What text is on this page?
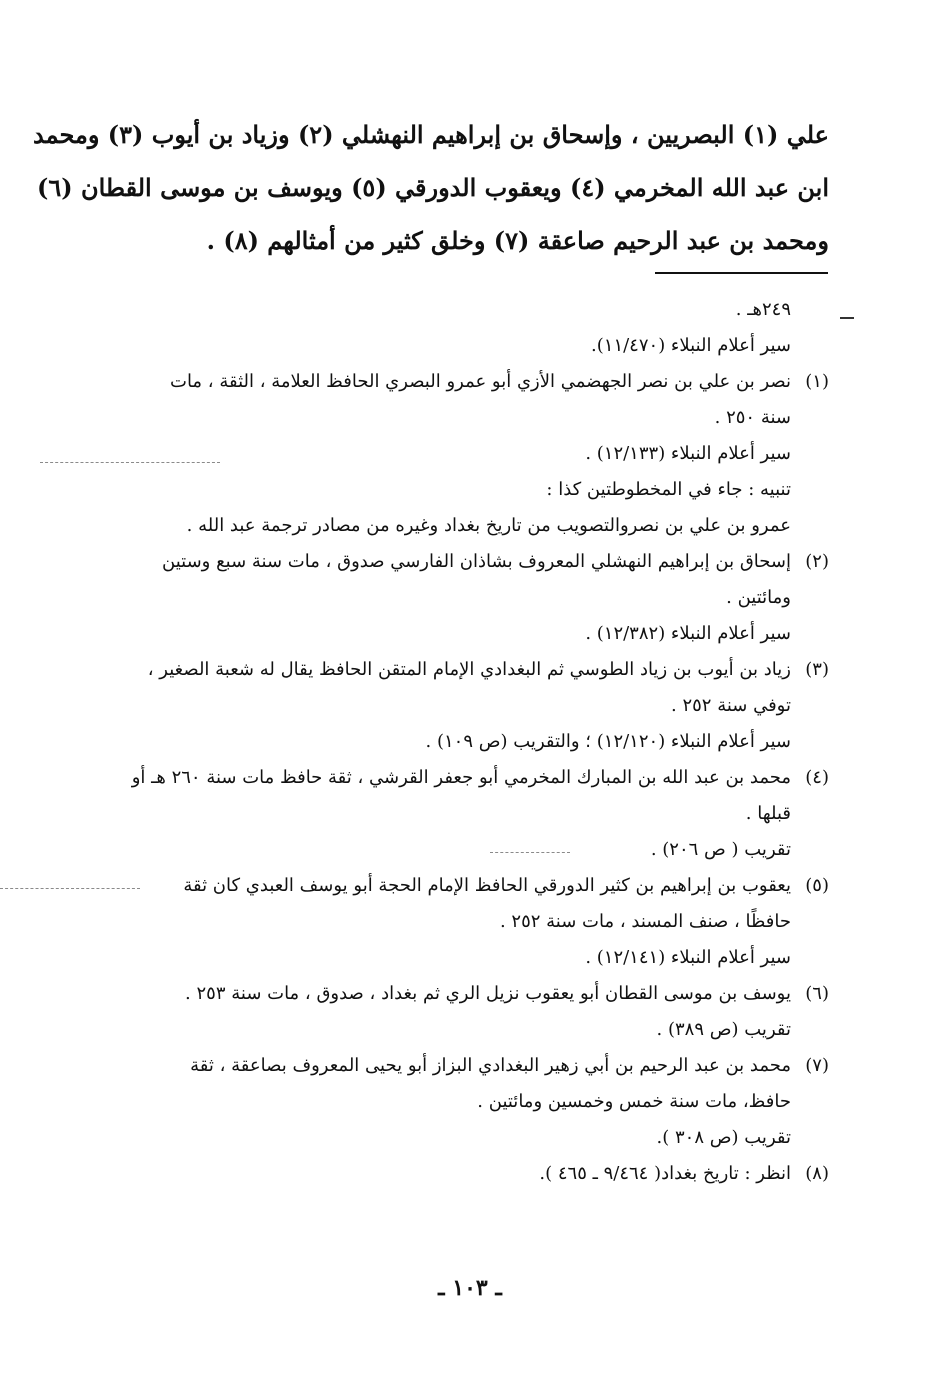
علي (١) البصريين ، وإسحاق بن إبراهيم النهشلي (٢) وزياد بن أيوب (٣) ومحمد
ابن عبد الله المخرمي (٤) ويعقوب الدورقي (٥) ويوسف بن موسى القطان (٦)
ومحمد بن عبد الرحيم صاعقة (٧) وخلق كثير من أمثالهم (٨) .
٢٤٩هـ .
سير أعلام النبلاء (١١/٤٧٠).
(١)نصر بن علي بن نصر الجهضمي الأزي أبو عمرو البصري الحافظ العلامة ، الثقة ، مات
سنة ٢٥٠ .
سير أعلام النبلاء (١٢/١٣٣) .
تنبيه : جاء في المخطوطتين كذا :
عمرو بن علي بن نصروالتصويب من تاريخ بغداد وغيره من مصادر ترجمة عبد الله .
(٢)إسحاق بن إبراهيم النهشلي المعروف بشاذان الفارسي صدوق ، مات سنة سبع وستين
ومائتين .
سير أعلام النبلاء (١٢/٣٨٢) .
(٣)زياد بن أيوب بن زياد الطوسي ثم البغدادي الإمام المتقن الحافظ يقال له شعبة الصغير ،
توفي سنة ٢٥٢ .
سير أعلام النبلاء (١٢/١٢٠) ؛ والتقريب (ص ١٠٩) .
(٤)محمد بن عبد الله بن المبارك المخرمي أبو جعفر القرشي ، ثقة حافظ مات سنة ٢٦٠ هـ أو
قبلها .
تقريب ( ص ٢٠٦) .
(٥)يعقوب بن إبراهيم بن كثير الدورقي الحافظ الإمام الحجة أبو يوسف العبدي كان ثقة
حافظًا ، صنف المسند ، مات سنة ٢٥٢ .
سير أعلام النبلاء (١٢/١٤١) .
(٦)يوسف بن موسى القطان أبو يعقوب نزيل الري ثم بغداد ، صدوق ، مات سنة ٢٥٣ .
تقريب (ص ٣٨٩) .
(٧)محمد بن عبد الرحيم بن أبي زهير البغدادي البزاز أبو يحيى المعروف بصاعقة ، ثقة
حافظ، مات سنة خمس وخمسين ومائتين .
تقريب (ص ٣٠٨ ).
(٨)انظر : تاريخ بغداد( ٩/٤٦٤ ـ ٤٦٥ ).
ـ ١٠٣ ـ
